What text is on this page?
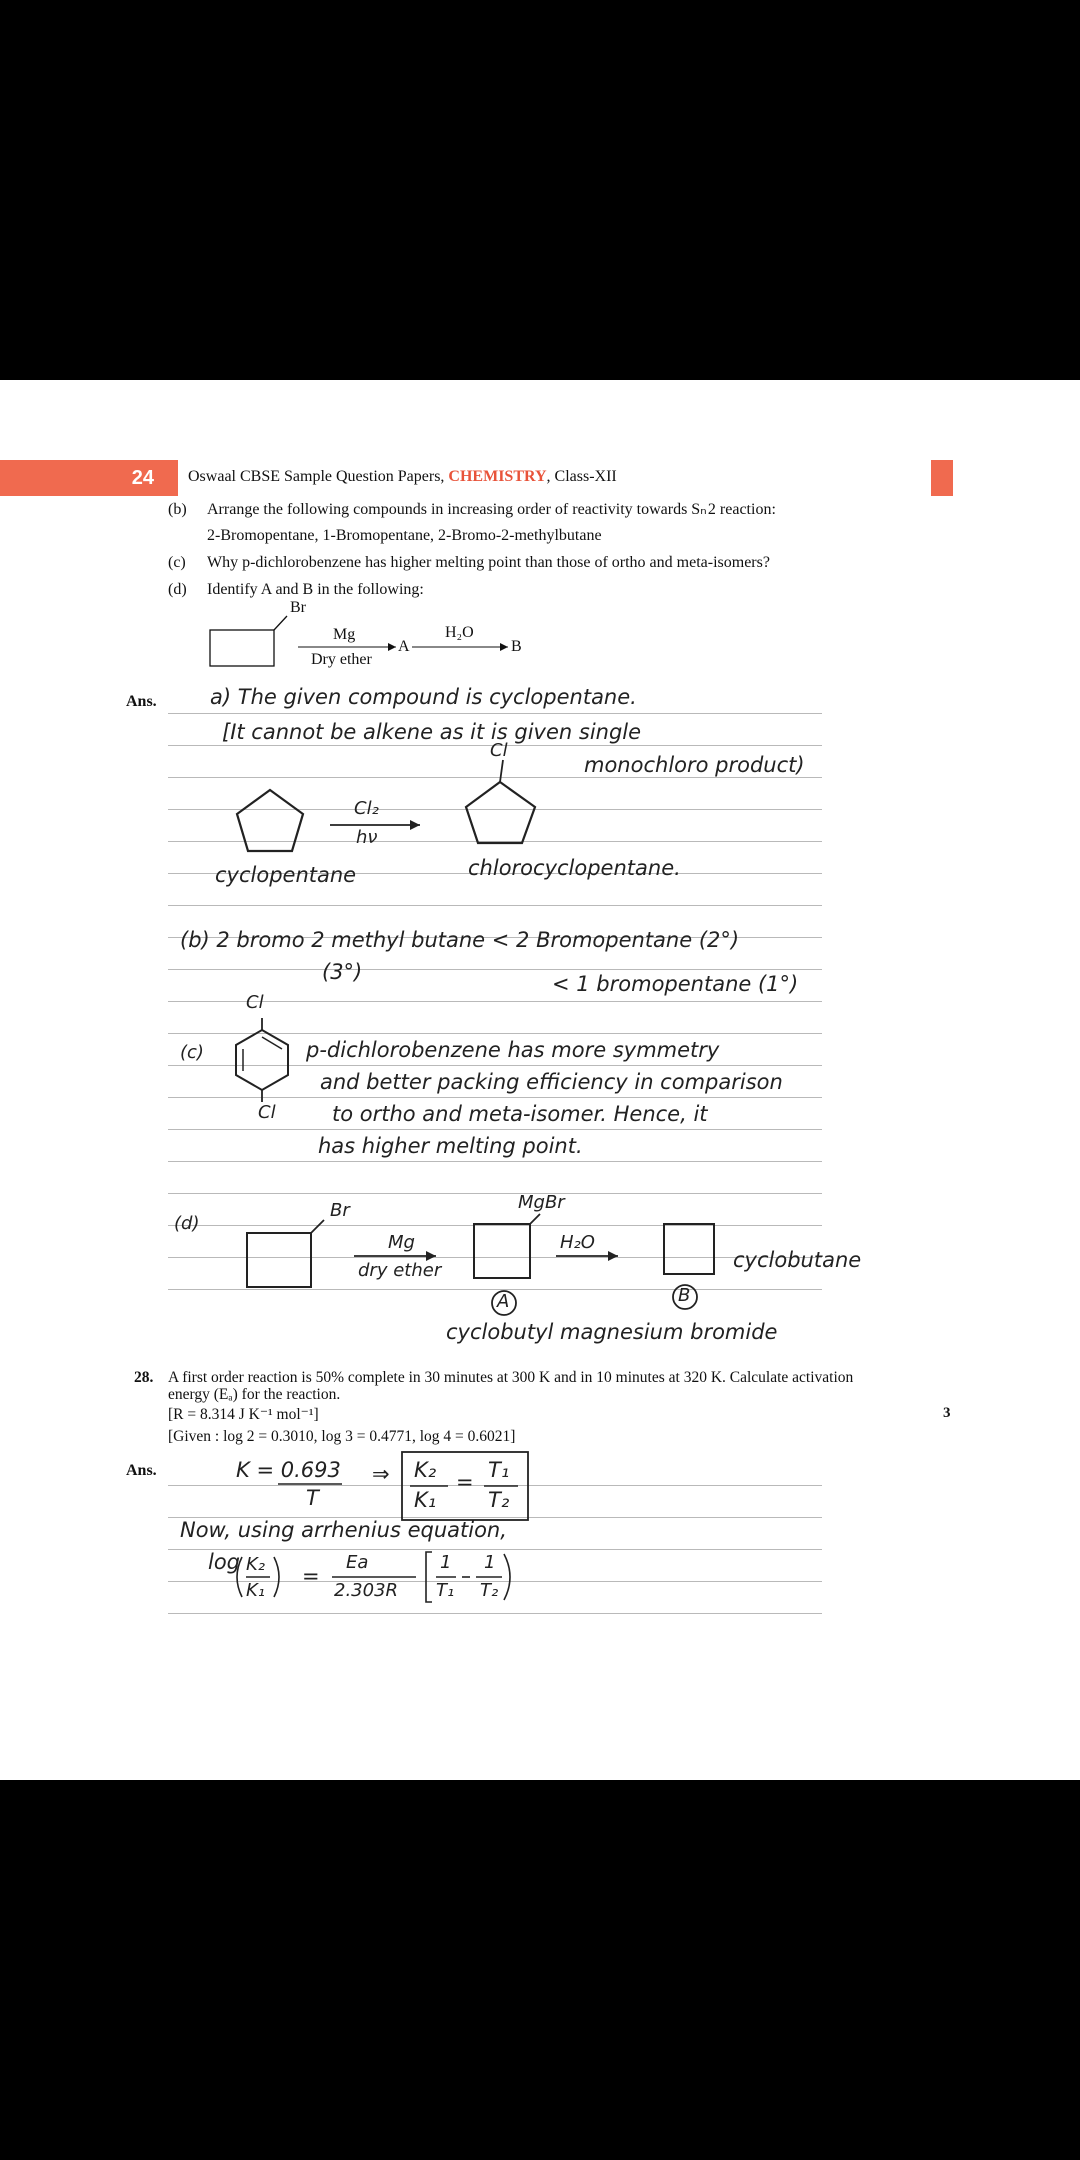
24 Oswaal CBSE Sample Question Papers, CHEMISTRY, Class-XII
(b) Arrange the following compounds in increasing order of reactivity towards Sₙ 2 reaction:
2-Bromopentane, 1-Bromopentane, 2-Bromo-2-methylbutane
(c) Why p-dichlorobenzene has higher melting point than those of ortho and meta-isomers?
(d) Identify A and B in the following:
Br
Mg
Dry ether
A
H₂O
B
Ans.	a) The given compound is cyclopentane.
[It cannot be alkene as it is given single
monochloro product)
Cl
Cl₂
hν
cyclopentane	chlorocyclopentane.
(b) 2 bromo 2 methyl butane < 2 Bromopentane (2°)
(3°)	< 1 bromopentane (1°)
(c)
Cl
Cl
p-dichlorobenzene has more symmetry
and better packing efficiency in comparison
to ortho and meta-isomer. Hence, it
has higher melting point.
(d)
Br
Mg
dry ether
MgBr
H₂O
A	B
cyclobutane
cyclobutyl magnesium bromide
28. A first order reaction is 50% complete in 30 minutes at 300 K and in 10 minutes at 320 K. Calculate activation
energy (Eₐ) for the reaction.
[R = 8.314 J K⁻¹ mol⁻¹]	3
[Given : log 2 = 0.3010, log 3 = 0.4771, log 4 = 0.6021]
Ans.	K = 0.693
T
⇒ K₂
K₁
= T₁
T₂
Now, using arrhenius equation,
log K₂
K₁
=
Ea
2.303R
1
T₁
1
T₂
